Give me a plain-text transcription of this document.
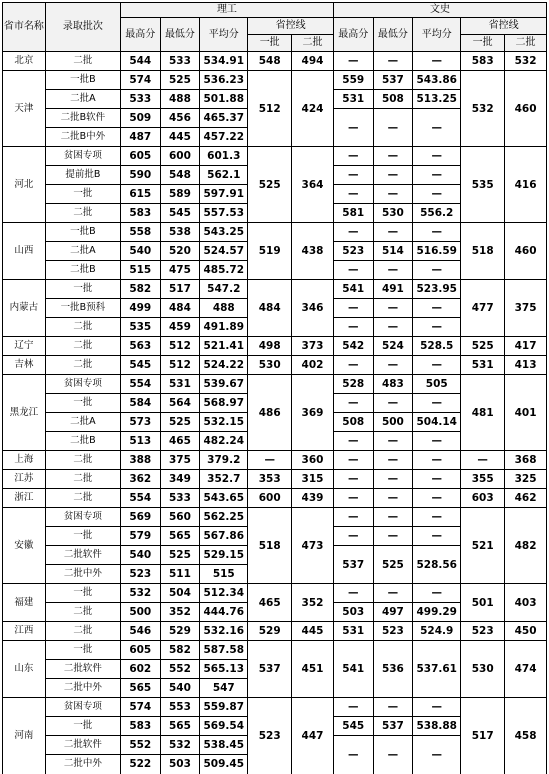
省市名称	录取批次	理工					文史				
		最高分	最低分	平均分	省控线		最高分	最低分	平均分	省控线	
					一批	二批				一批	二批
北京	二批	544	533	534.91	548	494	—	—	—	583	532
天津	一批B	574	525	536.23	512	424	559	537	543.86	532	460
	二批A	533	488	501.88			531	508	513.25		
	二批B软件	509	456	465.37			—	—	—		
	二批B中外	487	445	457.22							
河北	贫困专项	605	600	601.3	525	364	—	—	—	535	416
	提前批B	590	548	562.1			—	—	—		
	一批	615	589	597.91			—	—	—		
	二批	583	545	557.53			581	530	556.2		
山西	一批B	558	538	543.25	519	438	—	—	—	518	460
	二批A	540	520	524.57			523	514	516.59		
	二批B	515	475	485.72			—	—	—		
内蒙古	一批	582	517	547.2	484	346	541	491	523.95	477	375
	一批B预科	499	484	488			—	—	—		
	二批	535	459	491.89			—	—	—		
辽宁	二批	563	512	521.41	498	373	542	524	528.5	525	417
吉林	二批	545	512	524.22	530	402	—	—	—	531	413
黑龙江	贫困专项	554	531	539.67	486	369	528	483	505	481	401
	一批	584	564	568.97			—	—	—		
	二批A	573	525	532.15			508	500	504.14		
	二批B	513	465	482.24			—	—	—		
上海	二批	388	375	379.2	—	360	—	—	—	—	368
江苏	二批	362	349	352.7	353	315	—	—	—	355	325
浙江	二批	554	533	543.65	600	439	—	—	—	603	462
安徽	贫困专项	569	560	562.25	518	473	—	—	—	521	482
	一批	579	565	567.86			—	—	—		
	二批软件	540	525	529.15			537	525	528.56		
	二批中外	523	511	515							
福建	一批	532	504	512.34	465	352	—	—	—	501	403
	二批	500	352	444.76			503	497	499.29		
江西	二批	546	529	532.16	529	445	531	523	524.9	523	450
山东	一批	605	582	587.58	537	451	541	536	537.61	530	474
	二批软件	602	552	565.13							
	二批中外	565	540	547							
河南	贫困专项	574	553	559.87	523	447	—	—	—	517	458
	一批	583	565	569.54			545	537	538.88		
	二批软件	552	532	538.45			—	—	—		
	二批中外	522	503	509.45							
